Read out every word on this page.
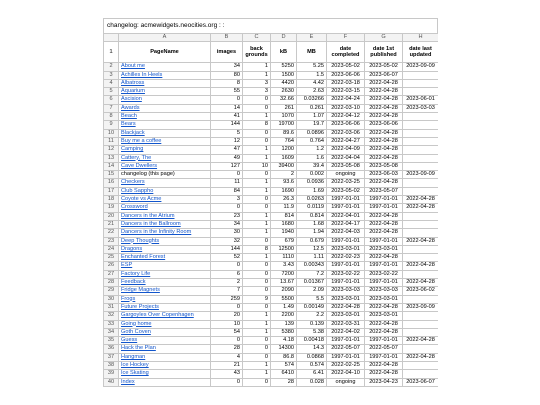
changelog: acmewidgets.neocities.org : :
	A	B	C	D	E	F	G	H
1	PageName	images	back grounds	kB	MB	date completed	date 1st published	date last updated
2	About me	34	1	5250	5.25	2023-05-02	2023-05-02	2023-09-09
3	Achilles In Heels	80	1	1500	1.5	2023-06-06	2023-06-07	
4	Albatross	8	3	4420	4.42	2022-03-18	2022-04-28	
5	Aquarium	55	3	2630	2.63	2022-03-15	2022-04-28	
6	Ascision	0	0	32.66	0.03266	2022-04-24	2022-04-28	2023-06-01
7	Awards	14	0	261	0.261	2022-03-10	2022-04-28	2023-03-03
8	Beach	41	1	1070	1.07	2022-04-12	2022-04-28	
9	Bears	144	8	19700	19.7	2023-06-06	2023-06-06	
10	Blackjack	5	0	89.6	0.0896	2022-03-06	2022-04-28	
11	Buy me a coffee	12	0	764	0.764	2022-04-27	2022-04-28	
12	Camping	47	1	1200	1.2	2022-04-09	2022-04-28	
13	Cattery, The	49	1	1609	1.6	2022-04-04	2022-04-28	
14	Cave Dwellers	127	10	39400	39.4	2023-05-08	2023-05-08	
15	changelog (this page)	0	0	2	0.002	ongoing	2023-06-03	2023-09-09
16	Checkers	11	1	93.6	0.0936	2022-03-25	2022-04-28	
17	Club Sappho	84	1	1690	1.69	2023-05-02	2023-05-07	
18	Coyote vs Acme	3	0	26.3	0.0263	1997-01-01	1997-01-01	2022-04-28
19	Crossword	0	0	11.9	0.0119	1997-01-01	1997-01-01	2022-04-28
20	Dancers in the Atrium	23	1	814	0.814	2022-04-01	2022-04-28	
21	Dancers in the Ballroom	34	1	1680	1.68	2022-04-17	2022-04-28	
22	Dancers in the Infinity Room	30	1	1940	1.94	2022-04-03	2022-04-28	
23	Deep Thoughts	32	0	679	0.679	1997-01-01	1997-01-01	2022-04-28
24	Dragons	144	8	12500	12.5	2023-03-01	2023-03-01	
25	Enchanted Forest	52	1	1110	1.11	2022-02-23	2022-04-28	
26	ESP	0	0	3.43	0.00343	1997-01-01	1997-01-01	2022-04-28
27	Factory Life	6	0	7200	7.2	2023-02-22	2023-02-22	
28	Feedback	2	0	13.67	0.01367	1997-01-01	1997-01-01	2022-04-28
29	Fridge Magnets	7	0	2090	2.09	2023-03-03	2023-03-03	2023-06-02
30	Frogs	259	9	5500	5.5	2023-03-01	2023-03-01	
31	Future Projects	0	0	1.49	0.00149	2022-04-28	2022-04-28	2023-09-09
32	Gargoyles Over Copenhagen	20	1	2200	2.2	2023-03-01	2023-03-01	
33	Going home	10	1	139	0.139	2022-03-31	2022-04-28	
34	Goth Coven	54	1	5380	5.38	2022-04-02	2022-04-28	
35	Guess	0	0	4.18	0.00418	1997-01-01	1997-01-01	2022-04-28
36	Hack the Plan	28	0	14300	14.3	2022-05-07	2022-05-07	
37	Hangman	4	0	86.8	0.0868	1997-01-01	1997-01-01	2022-04-28
38	Ice Hockey	21	1	574	0.574	2022-02-25	2022-04-28	
39	Ice Skating	43	1	6410	6.41	2022-04-10	2022-04-28	
40	Index	0	0	28	0.028	ongoing	2023-04-23	2023-06-07
